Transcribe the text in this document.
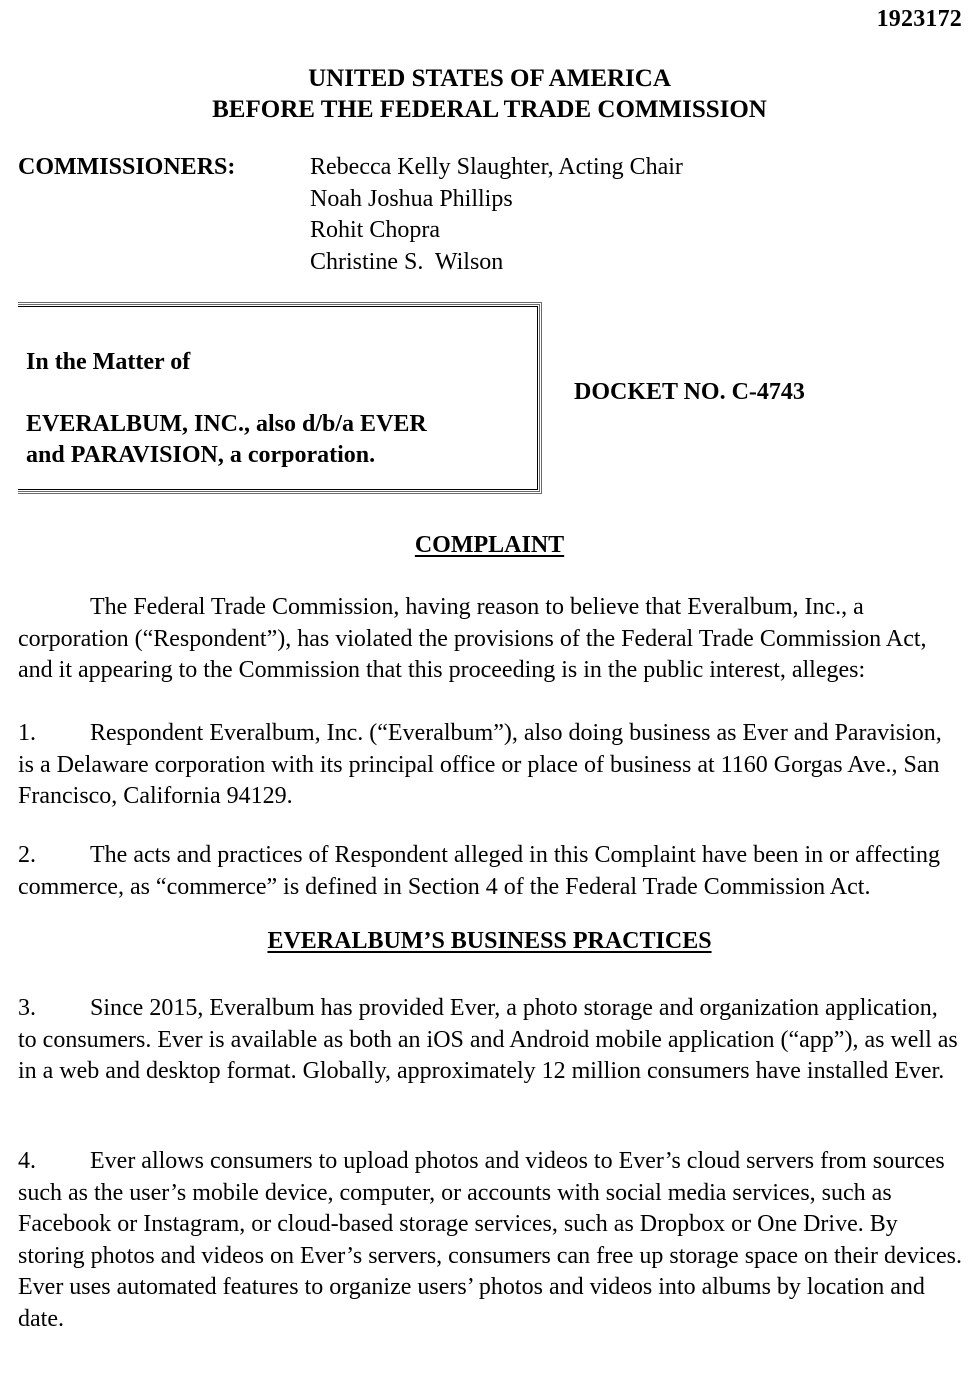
1923172
UNITED STATES OF AMERICA
BEFORE THE FEDERAL TRADE COMMISSION
COMMISSIONERS:	Rebecca Kelly Slaughter, Acting Chair
Noah Joshua Phillips
Rohit Chopra
Christine S.  Wilson
In the Matter of
EVERALBUM, INC., also d/b/a EVER
and PARAVISION, a corporation.
DOCKET NO. C-4743
COMPLAINT
The Federal Trade Commission, having reason to believe that Everalbum, Inc., a corporation (“Respondent”), has violated the provisions of the Federal Trade Commission Act, and it appearing to the Commission that this proceeding is in the public interest, alleges:
1. Respondent Everalbum, Inc. (“Everalbum”), also doing business as Ever and Paravision, is a Delaware corporation with its principal office or place of business at 1160 Gorgas Ave., San Francisco, California 94129.
2. The acts and practices of Respondent alleged in this Complaint have been in or affecting commerce, as “commerce” is defined in Section 4 of the Federal Trade Commission Act.
EVERALBUM’S BUSINESS PRACTICES
3. Since 2015, Everalbum has provided Ever, a photo storage and organization application, to consumers. Ever is available as both an iOS and Android mobile application (“app”), as well as in a web and desktop format. Globally, approximately 12 million consumers have installed Ever.
4. Ever allows consumers to upload photos and videos to Ever’s cloud servers from sources such as the user’s mobile device, computer, or accounts with social media services, such as Facebook or Instagram, or cloud-based storage services, such as Dropbox or One Drive. By storing photos and videos on Ever’s servers, consumers can free up storage space on their devices. Ever uses automated features to organize users’ photos and videos into albums by location and date.
